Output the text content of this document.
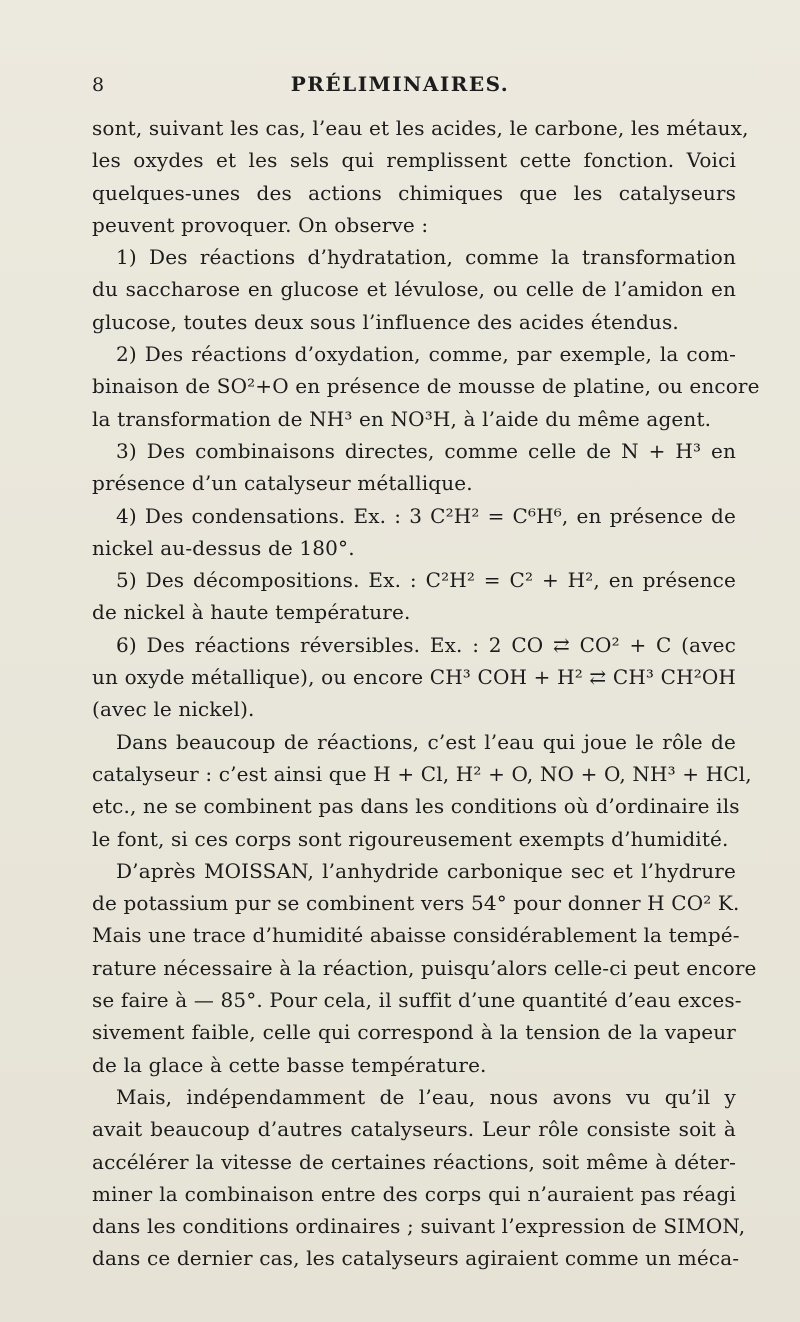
8	PRÉLIMINAIRES.
sont, suivant les cas, l’eau et les acides, le carbone, les métaux,
les oxydes et les sels qui remplissent cette fonction. Voici
quelques-unes des actions chimiques que les catalyseurs
peuvent provoquer. On observe :
1) Des réactions d’hydratation, comme la transformation
du saccharose en glucose et lévulose, ou celle de l’amidon en
glucose, toutes deux sous l’influence des acides étendus.
2) Des réactions d’oxydation, comme, par exemple, la com-
binaison de SO²+O en présence de mousse de platine, ou encore
la transformation de NH³ en NO³H, à l’aide du même agent.
3) Des combinaisons directes, comme celle de N + H³ en
présence d’un catalyseur métallique.
4) Des condensations. Ex. : 3 C²H² = C⁶H⁶, en présence de
nickel au-dessus de 180°.
5) Des décompositions. Ex. : C²H² = C² + H², en présence
de nickel à haute température.
6) Des réactions réversibles. Ex. : 2 CO ⇄ CO² + C (avec
un oxyde métallique), ou encore CH³ COH + H² ⇄ CH³ CH²OH
(avec le nickel).
Dans beaucoup de réactions, c’est l’eau qui joue le rôle de
catalyseur : c’est ainsi que H + Cl, H² + O, NO + O, NH³ + HCl,
etc., ne se combinent pas dans les conditions où d’ordinaire ils
le font, si ces corps sont rigoureusement exempts d’humidité.
D’après MOISSAN, l’anhydride carbonique sec et l’hydrure
de potassium pur se combinent vers 54° pour donner H CO² K.
Mais une trace d’humidité abaisse considérablement la tempé-
rature nécessaire à la réaction, puisqu’alors celle-ci peut encore
se faire à — 85°. Pour cela, il suffit d’une quantité d’eau exces-
sivement faible, celle qui correspond à la tension de la vapeur
de la glace à cette basse température.
Mais, indépendamment de l’eau, nous avons vu qu’il y
avait beaucoup d’autres catalyseurs. Leur rôle consiste soit à
accélérer la vitesse de certaines réactions, soit même à déter-
miner la combinaison entre des corps qui n’auraient pas réagi
dans les conditions ordinaires ; suivant l’expression de SIMON,
dans ce dernier cas, les catalyseurs agiraient comme un méca-
